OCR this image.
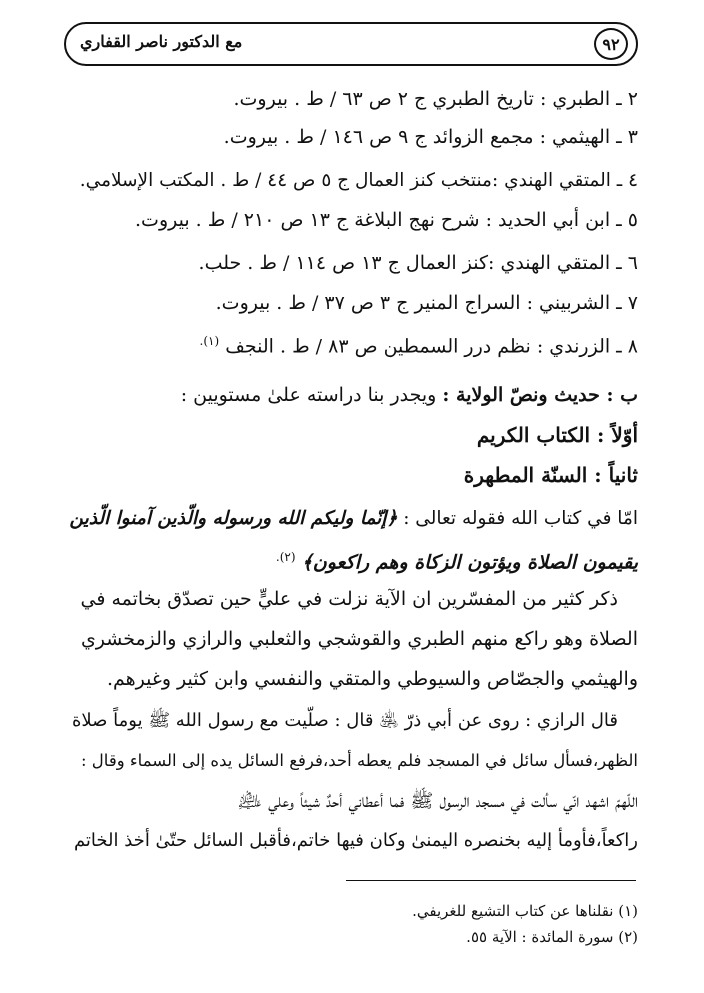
٩٢
مع الدكتور ناصر القفاري
٢ ـ الطبري : تاريخ الطبري ج ٢ ص ٦٣ / ط . بيروت.
٣ ـ الهيثمي : مجمع الزوائد ج ٩ ص ١٤٦ / ط . بيروت.
٤ ـ المتقي الهندي :منتخب كنز العمال ج ٥ ص ٤٤ / ط . المكتب الإسلامي.
٥ ـ ابن أبي الحديد : شرح نهج البلاغة ج ١٣ ص ٢١٠ / ط . بيروت.
٦ ـ المتقي الهندي :كنز العمال ج ١٣ ص ١١٤ / ط . حلب.
٧ ـ الشربيني : السراج المنير ج ٣ ص ٣٧ / ط . بيروت.
٨ ـ الزرندي : نظم درر السمطين ص ٨٣ / ط . النجف $^{(١).}$
ب : حديث ونصّ الولاية : ويجدر بنا دراسته علىٰ مستويين :
أوّلاً : الكتاب الكريم
ثانياً : السنّة المطهرة
امّا في كتاب الله فقوله تعالى : ﴿إنّما وليكم الله ورسوله والّذين آمنوا الّذين
يقيمون الصلاة ويؤتون الزكاة وهم راكعون﴾ $^{(٢).}$
ذكر كثير من المفسّرين ان الآية نزلت في عليٍّ حين تصدّق بخاتمه في
الصلاة وهو راكع منهم الطبري والقوشجي والثعلبي والرازي والزمخشري
والهيثمي والجصّاص والسيوطي والمتقي والنفسي وابن كثير وغيرهم.
قال الرازي : روى عن أبي ذرّ ﵁ قال : صلّيت مع رسول الله ﷺ يوماً صلاة
الظهر،فسأل سائل في المسجد فلم يعطه أحد،فرفع السائل يده إلى السماء وقال :
اللّهمّ اشهد انّي سألت في مسجد الرسول ﷺ فما أعطاني أحدٌ شيئاً وعلي ﵇
راكعاً،فأومأ إليه بخنصره اليمنىٰ وكان فيها خاتم،فأقبل السائل حتّىٰ أخذ الخاتم
(١) نقلناها عن كتاب التشيع للغريفي.
(٢) سورة المائدة : الآية ٥٥.
